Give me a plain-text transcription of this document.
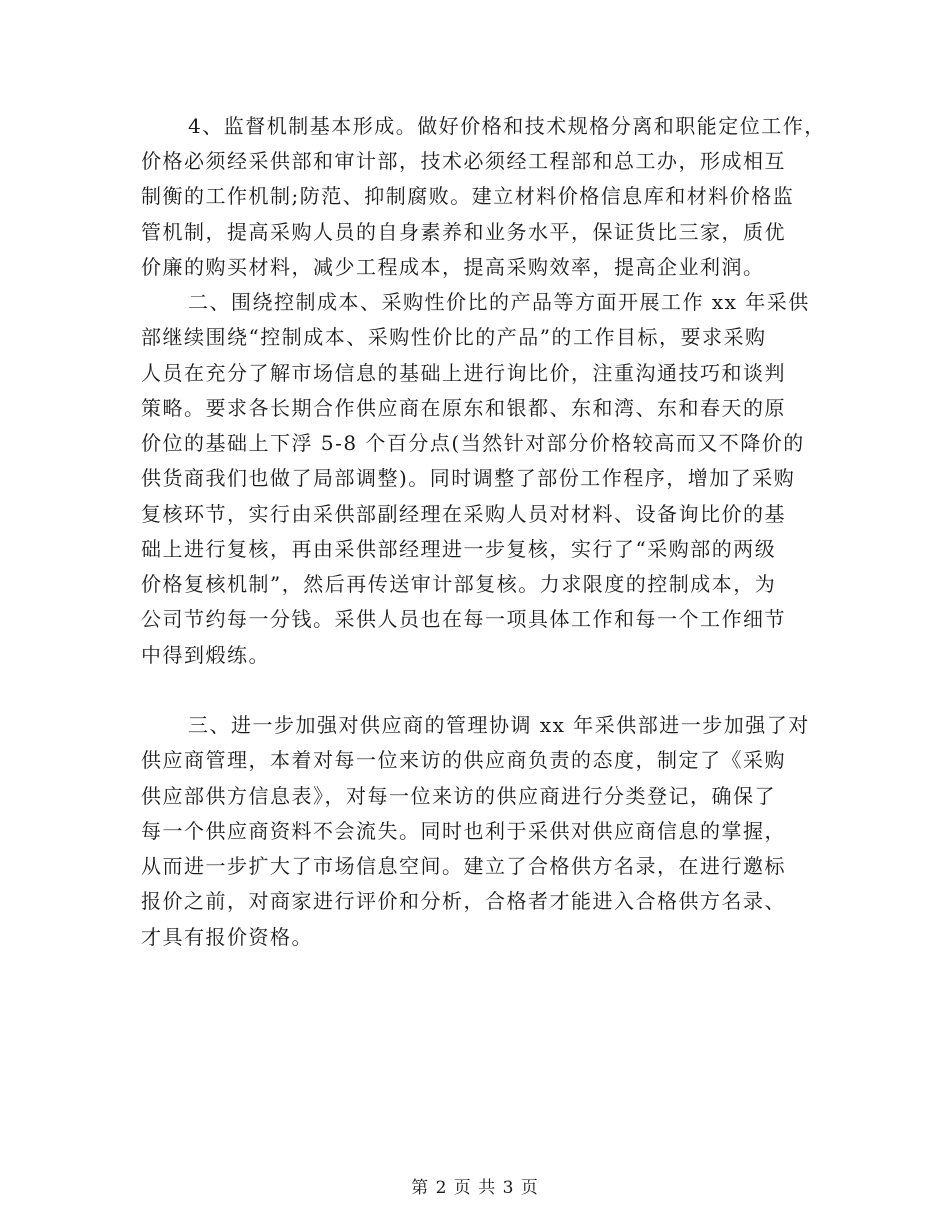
4、监督机制基本形成。做好价格和技术规格分离和职能定位工作，
价格必须经采供部和审计部，技术必须经工程部和总工办，形成相互
制衡的工作机制;防范、抑制腐败。建立材料价格信息库和材料价格监
管机制，提高采购人员的自身素养和业务水平，保证货比三家，质优
价廉的购买材料，减少工程成本，提高采购效率，提高企业利润。
二、围绕控制成本、采购性价比的产品等方面开展工作 xx 年采供
部继续围绕“控制成本、采购性价比的产品”的工作目标，要求采购
人员在充分了解市场信息的基础上进行询比价，注重沟通技巧和谈判
策略。要求各长期合作供应商在原东和银都、东和湾、东和春天的原
价位的基础上下浮 5-8 个百分点(当然针对部分价格较高而又不降价的
供货商我们也做了局部调整)。同时调整了部份工作程序，增加了采购
复核环节，实行由采供部副经理在采购人员对材料、设备询比价的基
础上进行复核，再由采供部经理进一步复核，实行了“采购部的两级
价格复核机制”，然后再传送审计部复核。力求限度的控制成本，为
公司节约每一分钱。采供人员也在每一项具体工作和每一个工作细节
中得到煅练。
三、进一步加强对供应商的管理协调 xx 年采供部进一步加强了对
供应商管理，本着对每一位来访的供应商负责的态度，制定了《采购
供应部供方信息表》，对每一位来访的供应商进行分类登记，确保了
每一个供应商资料不会流失。同时也利于采供对供应商信息的掌握，
从而进一步扩大了市场信息空间。建立了合格供方名录，在进行邀标
报价之前，对商家进行评价和分析，合格者才能进入合格供方名录、
才具有报价资格。
第 2 页 共 3 页
